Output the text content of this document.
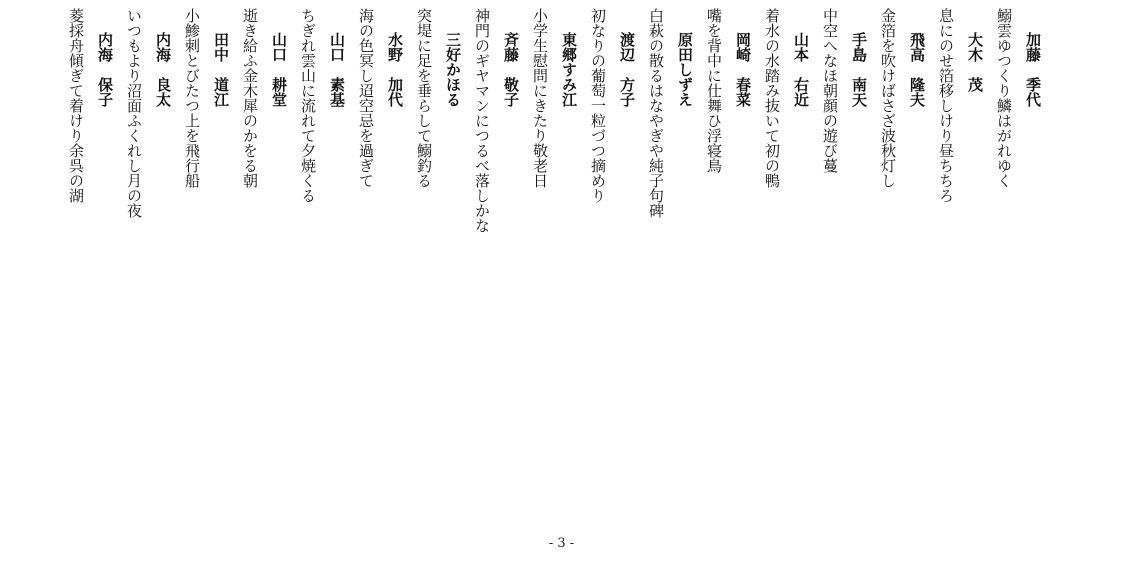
加藤　季代
鰯雲ゆつくり鱗はがれゆく
大木　茂
息にのせ箔移しけり昼ちちろ
飛高　隆夫
金箔を吹けばさざ波秋灯し
手島　南天
中空へなほ朝顔の遊び蔓
山本　右近
着水の水踏み抜いて初の鴨
岡崎　春菜
嘴を背中に仕舞ひ浮寝鳥
原田しずえ
白萩の散るはなやぎや純子句碑
渡辺　方子
初なりの葡萄一粒づつ摘めり
東郷すみ江
小学生慰問にきたり敬老日
斉藤　敬子
神門のギヤマンにつるべ落しかな
三好かほる
突堤に足を垂らして鰯釣る
水野　加代
海の色冥し迢空忌を過ぎて
山口　素基
ちぎれ雲山に流れて夕焼くる
山口　耕堂
逝き給ふ金木犀のかをる朝
田中　道江
小鯵刺とびたつ上を飛行船
内海　良太
いつもより沼面ふくれし月の夜
内海　保子
菱採舟傾ぎて着けり余呉の湖
- 3 -
